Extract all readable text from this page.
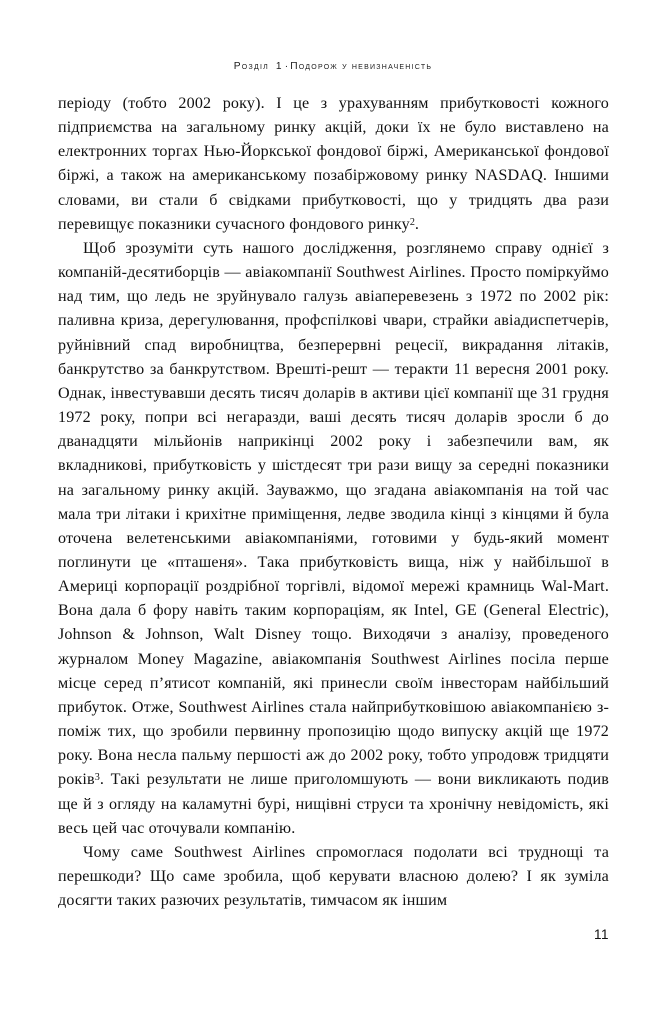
Розділ 1 · Подорож у невизначеність

періоду (тобто 2002 року). І це з урахуванням прибутковості кожного підприємства на загальному ринку акцій, доки їх не було виставлено на електронних торгах Нью-Йоркської фондової біржі, Американської фондової біржі, а також на американському позабіржовому ринку NASDAQ. Іншими словами, ви стали б свідками прибутковості, що у тридцять два рази перевищує показники сучасного фондового ринку$^2$.

Щоб зрозуміти суть нашого дослідження, розглянемо справу однієї з компаній-десятиборців — авіакомпанії Southwest Airlines. Просто поміркуймо над тим, що ледь не зруйнувало галузь авіаперевезень з 1972 по 2002 рік: паливна криза, дерегулювання, профспілкові чвари, страйки авіадиспетчерів, руйнівний спад виробництва, безперервні рецесії, викрадання літаків, банкрутство за банкрутством. Врешті-решт — теракти 11 вересня 2001 року. Однак, інвестувавши десять тисяч доларів в активи цієї компанії ще 31 грудня 1972 року, попри всі негаразди, ваші десять тисяч доларів зросли б до дванадцяти мільйонів наприкінці 2002 року і забезпечили вам, як вкладникові, прибутковість у шістдесят три рази вищу за середні показники на загальному ринку акцій. Зауважмо, що згадана авіакомпанія на той час мала три літаки і крихітне приміщення, ледве зводила кінці з кінцями й була оточена велетенськими авіакомпаніями, готовими у будь-який момент поглинути це «пташеня». Така прибутковість вища, ніж у найбільшої в Америці корпорації роздрібної торгівлі, відомої мережі крамниць Wal-Mart. Вона дала б фору навіть таким корпораціям, як Intel, GE (General Electric), Johnson & Johnson, Walt Disney тощо. Виходячи з аналізу, проведеного журналом Money Magazine, авіакомпанія Southwest Airlines посіла перше місце серед п’ятисот компаній, які принесли своїм інвесторам найбільший прибуток. Отже, Southwest Airlines стала найприбутковішою авіакомпанією з-поміж тих, що зробили первинну пропозицію щодо випуску акцій ще 1972 року. Вона несла пальму першості аж до 2002 року, тобто упродовж тридцяти років$^3$. Такі результати не лише приголомшують — вони викликають подив ще й з огляду на каламутні бурі, нищівні струси та хронічну невідомість, які весь цей час оточували компанію.

Чому саме Southwest Airlines спромоглася подолати всі труднощі та перешкоди? Що саме зробила, щоб керувати власною долею? І як зуміла досягти таких разючих результатів, тимчасом як іншим

11
